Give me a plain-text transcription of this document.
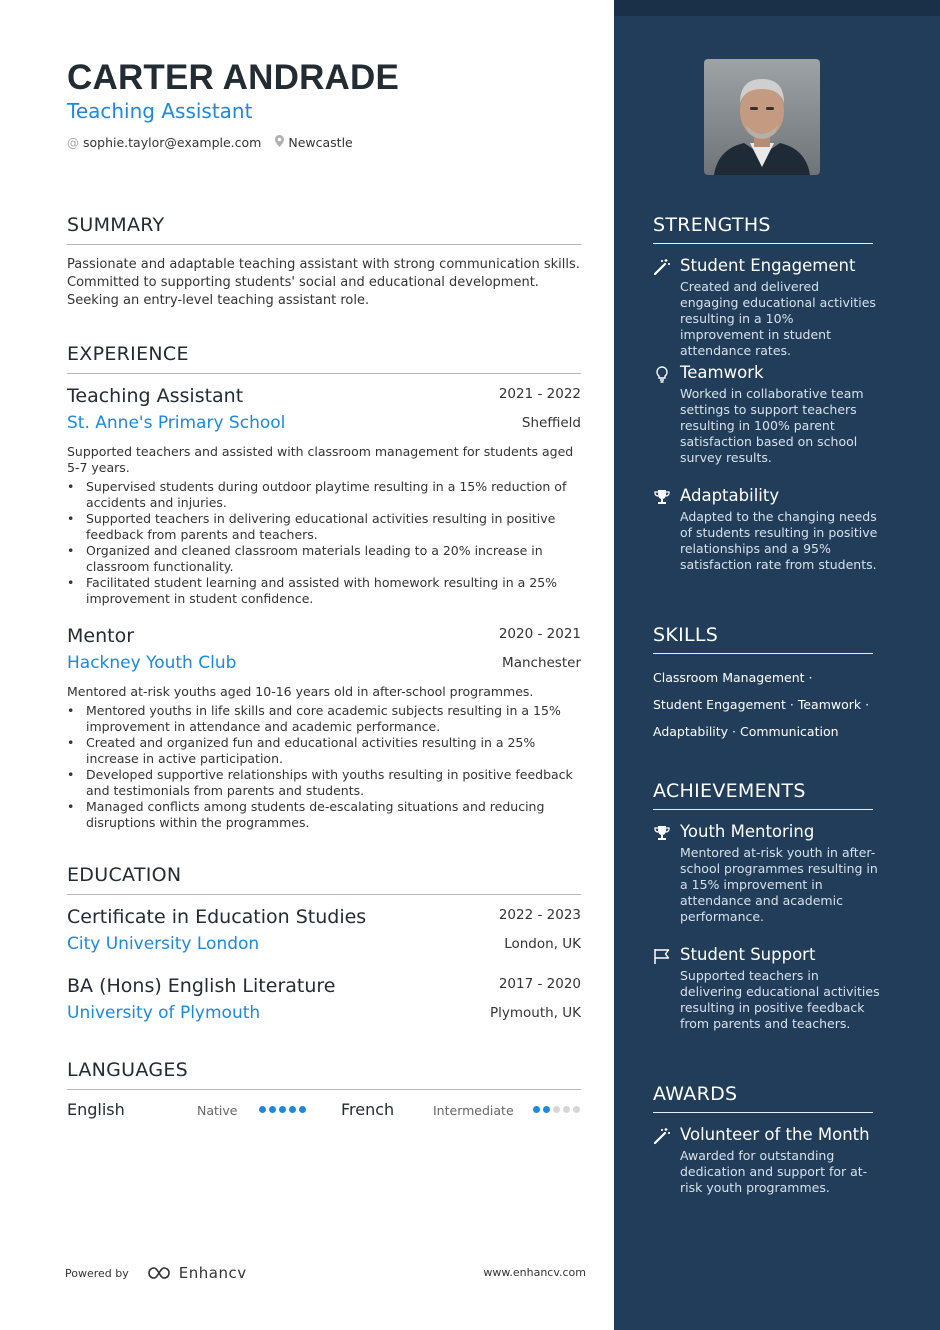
CARTER ANDRADE
Teaching Assistant
@ sophie.taylor@example.com Newcastle
SUMMARY
Passionate and adaptable teaching assistant with strong communication skills. Committed to supporting students' social and educational development. Seeking an entry-level teaching assistant role.
EXPERIENCE
Teaching Assistant	2021 - 2022
St. Anne's Primary School	Sheffield
Supported teachers and assisted with classroom management for students aged 5-7 years.
• Supervised students during outdoor playtime resulting in a 15% reduction of accidents and injuries.
• Supported teachers in delivering educational activities resulting in positive feedback from parents and teachers.
• Organized and cleaned classroom materials leading to a 20% increase in classroom functionality.
• Facilitated student learning and assisted with homework resulting in a 25% improvement in student confidence.
Mentor	2020 - 2021
Hackney Youth Club	Manchester
Mentored at-risk youths aged 10-16 years old in after-school programmes.
• Mentored youths in life skills and core academic subjects resulting in a 15% improvement in attendance and academic performance.
• Created and organized fun and educational activities resulting in a 25% increase in active participation.
• Developed supportive relationships with youths resulting in positive feedback and testimonials from parents and students.
• Managed conflicts among students de-escalating situations and reducing disruptions within the programmes.
EDUCATION
Certificate in Education Studies	2022 - 2023
City University London	London, UK
BA (Hons) English Literature	2017 - 2020
University of Plymouth	Plymouth, UK
LANGUAGES
English	Native	French	Intermediate
Powered by	Enhancv	www.enhancv.com
STRENGTHS
Student Engagement
Created and delivered engaging educational activities resulting in a 10% improvement in student attendance rates.
Teamwork
Worked in collaborative team settings to support teachers resulting in 100% parent satisfaction based on school survey results.
Adaptability
Adapted to the changing needs of students resulting in positive relationships and a 95% satisfaction rate from students.
SKILLS
Classroom Management ·
Student Engagement · Teamwork ·
Adaptability · Communication
ACHIEVEMENTS
Youth Mentoring
Mentored at-risk youth in after-school programmes resulting in a 15% improvement in attendance and academic performance.
Student Support
Supported teachers in delivering educational activities resulting in positive feedback from parents and teachers.
AWARDS
Volunteer of the Month
Awarded for outstanding dedication and support for at-risk youth programmes.
